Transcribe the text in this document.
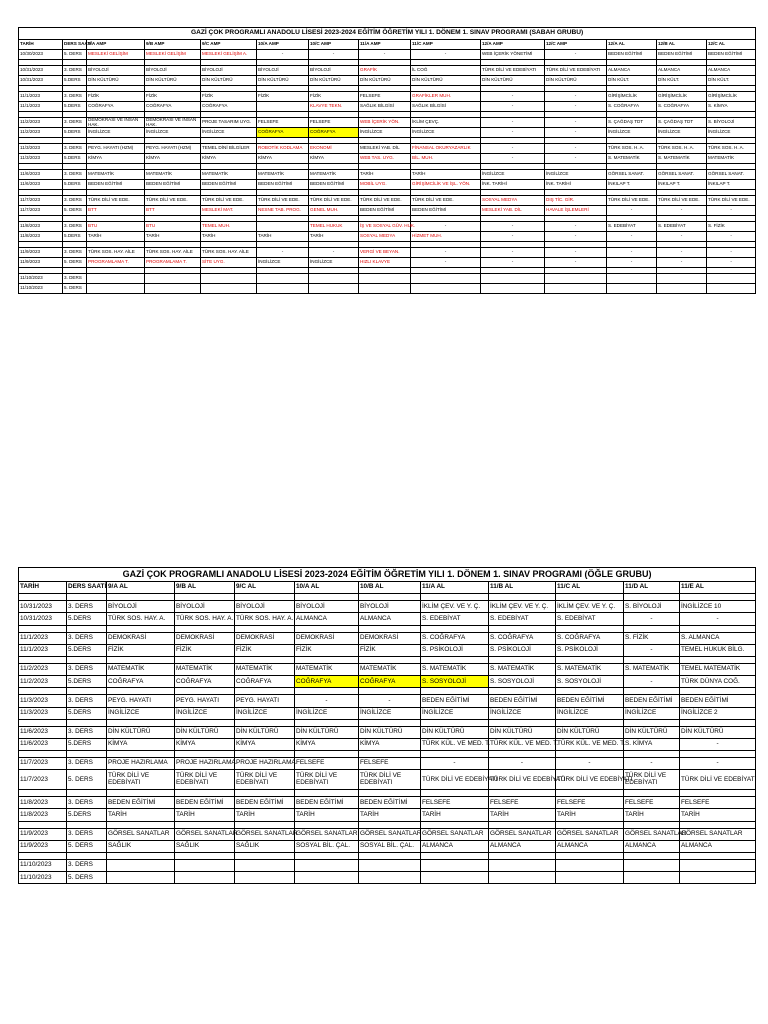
GAZİ ÇOK PROGRAMLI ANADOLU LİSESİ 2023-2024 EĞİTİM ÖĞRETİM YILI 1. DÖNEM 1. SINAV PROGRAMI (SABAH GRUBU)													
TARİH	DERS SAATİ	9/A AMP	9/B AMP	9/C AMP	10/A AMP	10/C AMP	11/A AMP	11/C AMP	12/A AMP	12/C AMP	12/A AL	12/B AL	12/C AL
10/30/2023	5. DERS	MESLEKİ GELİŞİM	MESLEKİ GELİŞİM	MESLEKİ GELİŞİM A.	-	-	-	-	WEB İÇERİK YÖNETİMİ	-	BEDEN EĞİTİMİ	BEDEN EĞİTİMİ	BEDEN EĞİTİMİ

10/31/2023	3. DERS	BİYOLOJİ	BİYOLOJİ	BİYOLOJİ	BİYOLOJİ	BİYOLOJİ	GRAFİK	İL COĞ	TÜRK DİLİ VE EDEBİYATI	TÜRK DİLİ VE EDEBİYATI	ALMANCA	ALMANCA	ALMANCA
10/31/2023	5.DERS	DİN KÜLTÜRÜ	DİN KÜLTÜRÜ	DİN KÜLTÜRÜ	DİN KÜLTÜRÜ	DİN KÜLTÜRÜ	DİN KÜLTÜRÜ	DİN KÜLTÜRÜ	DİN KÜLTÜRÜ	DİN KÜLTÜRÜ	DİN KÜLT.	DİN KÜLT.	DİN KÜLT.

11/1/2023	3. DERS	FİZİK	FİZİK	FİZİK	FİZİK	FİZİK	FELSEFE	GRAFİKLER MUH.	-	-	GİRİŞİMCİLİK	GİRİŞİMCİLİK	GİRİŞİMCİLİK
11/1/2023	5.DERS	COĞRAFYA	COĞRAFYA	COĞRAFYA		KLAVYE TEKN.	SAĞLIK BİLGİSİ	SAĞLIK BİLGİSİ	-	-	S. COĞRAFYA	S. COĞRAFYA	S. KİMYA

11/2/2023	3. DERS	DEMOKRASİ VE İNSAN HAK.	DEMOKRASİ VE İNSAN HAK.	PROJE TASARIM UYG.	FELSEFE	FELSEFE	WEB İÇERİK YÖN.	İKLİM ÇEVÇ.	-	-	S. ÇAĞDAŞ TDT	S. ÇAĞDAŞ TDT	S. BİYOLOJİ
11/2/2023	5.DERS	İNGİLİZCE	İNGİLİZCE	İNGİLİZCE	COĞRAFYA	COĞRAFYA	İNGİLİZCE	İNGİLİZCE	-	-	İNGİLİZCE	İNGİLİZCE	İNGİLİZCE

11/3/2023	3. DERS	PEYG. HAYATI (HZM)	PEYG. HAYATI (HZM)	TEMEL DİNİ BİLGİLER	ROBOTİK KODLAMA	EKONOMİ	MESLEKİ YAB. DİL	FİNANSAL OKURYAZARLIK	-	-	TÜRK SOS. H. A.	TÜRK SOS. H. A.	TÜRK SOS. H. A.
11/3/2023	5.DERS	KİMYA	KİMYA	KİMYA	KİMYA	KİMYA	WEB TAS. UYG.	BİL. MUH.	-	-	S. MATEMATİK	S. MATEMATİK	MATEMATİK

11/6/2023	3. DERS	MATEMATİK	MATEMATİK	MATEMATİK	MATEMATİK	MATEMATİK	TARİH	TARİH	İNGİLİZCE	İNGİLİZCE	GÖRSEL SANAT.	GÖRSEL SANAT.	GÖRSEL SANAT.
11/6/2023	5.DERS	BEDEN EĞİTİMİ	BEDEN EĞİTİMİ	BEDEN EĞİTİMİ	BEDEN EĞİTİMİ	BEDEN EĞİTİMİ	MOBİL UYG.	GİRİŞİMCİLİK VE İŞL. YÖN.	İNK. TARİHİ	İNK. TARİHİ	İNKILAP T.	İNKILAP T.	İNKILAP T.

11/7/2023	3. DERS	TÜRK DİLİ VE EDE.	TÜRK DİLİ VE EDE.	TÜRK DİLİ VE EDE.	TÜRK DİLİ VE EDE.	TÜRK DİLİ VE EDE.	TÜRK DİLİ VE EDE.	TÜRK DİLİ VE EDE.	SOSYAL MEDYA	DIŞ TİC. GİR.	TÜRK DİLİ VE EDE.	TÜRK DİLİ VE EDE.	TÜRK DİLİ VE EDE.
11/7/2023	5. DERS	BTT	BTT	MESLEKİ MAT.	NESNE TAB. PROG.	GENEL MUH.	BEDEN EĞİTİMİ	BEDEN EĞİTİMİ	MESLEKİ YAB. DİL	HAVALE İŞLEMLERİ	-	-	-

11/8/2023	3. DERS	BTU	BTU	TEMEL MUH.		TEMEL HUKUK	İŞ VE SOSYAL GÜV. HUK.	-	-	-	S. EDEBİYAT	S. EDEBİYAT	S. FİZİK
11/8/2023	5.DERS	TARİH	TARİH	TARİH	TARİH	TARİH	SOSYAL MEDYA	HİZMET MUH.	-	-	-	-	-

11/9/2023	3. DERS	TÜRK SOS. HAY. AİLE	TÜRK SOS. HAY. AİLE	TÜRK SOS. HAY. AİLE	-	-	VERGİ VE BEYAN.	-	-	-	-	-	-
11/9/2023	5. DERS	PROGRAMLAMA T.	PROGRAMLAMA T.	SİTE UYG.	İNGİLİZCE	İNGİLİZCE	HIZLI KLAVYE	-	-	-	-	-	-

11/10/2023	3. DERS												
11/10/2023	5. DERS												
GAZİ ÇOK PROGRAMLI ANADOLU LİSESİ 2023-2024 EĞİTİM ÖĞRETİM YILI 1. DÖNEM 1. SINAV PROGRAMI (ÖĞLE GRUBU)											
TARİH	DERS SAATİ	9/A AL	9/B AL	9/C AL	10/A AL	10/B AL	11/A AL	11/B AL	11/C AL	11/D AL	11/E AL

10/31/2023	3. DERS	BİYOLOJİ	BİYOLOJİ	BİYOLOJİ	BİYOLOJİ	BİYOLOJİ	İKLİM ÇEV. VE Y. Ç.	İKLİM ÇEV. VE Y. Ç.	İKLİM ÇEV. VE Y. Ç.	S. BİYOLOJİ	İNGİLİZCE 10
10/31/2023	5.DERS	TÜRK SOS. HAY. A.	TÜRK SOS. HAY. A.	TÜRK SOS. HAY. A.	ALMANCA	ALMANCA	S. EDEBİYAT	S. EDEBİYAT	S. EDEBİYAT	-	-

11/1/2023	3. DERS	DEMOKRASİ	DEMOKRASİ	DEMOKRASİ	DEMOKRASİ	DEMOKRASİ	S. COĞRAFYA	S. COĞRAFYA	S. COĞRAFYA	S. FİZİK	S. ALMANCA
11/1/2023	5.DERS	FİZİK	FİZİK	FİZİK	FİZİK	FİZİK	S. PSİKOLOJİ	S. PSİKOLOJİ	S. PSİKOLOJİ	-	TEMEL HUKUK BİLG.

11/2/2023	3. DERS	MATEMATİK	MATEMATİK	MATEMATİK	MATEMATİK	MATEMATİK	S. MATEMATİK	S. MATEMATİK	S. MATEMATİK	S. MATEMATİK	TEMEL MATEMATİK
11/2/2023	5.DERS	COĞRAFYA	COĞRAFYA	COĞRAFYA	COĞRAFYA	COĞRAFYA	S. SOSYOLOJİ	S. SOSYOLOJİ	S. SOSYOLOJİ	-	TÜRK DÜNYA COĞ.

11/3/2023	3. DERS	PEYG. HAYATI	PEYG. HAYATI	PEYG. HAYATI	-	-	BEDEN EĞİTİMİ	BEDEN EĞİTİMİ	BEDEN EĞİTİMİ	BEDEN EĞİTİMİ	BEDEN EĞİTİMİ
11/3/2023	5.DERS	İNGİLİZCE	İNGİLİZCE	İNGİLİZCE	İNGİLİZCE	İNGİLİZCE	İNGİLİZCE	İNGİLİZCE	İNGİLİZCE	İNGİLİZCE	İNGİLİZCE 2

11/6/2023	3. DERS	DİN KÜLTÜRÜ	DİN KÜLTÜRÜ	DİN KÜLTÜRÜ	DİN KÜLTÜRÜ	DİN KÜLTÜRÜ	DİN KÜLTÜRÜ	DİN KÜLTÜRÜ	DİN KÜLTÜRÜ	DİN KÜLTÜRÜ	DİN KÜLTÜRÜ
11/6/2023	5.DERS	KİMYA	KİMYA	KİMYA	KİMYA	KİMYA	TÜRK KÜL. VE MED. T.	TÜRK KÜL. VE MED. T.	TÜRK KÜL. VE MED. T.	S. KİMYA	-

11/7/2023	3. DERS	PROJE HAZIRLAMA	PROJE HAZIRLAMA	PROJE HAZIRLAMA	FELSEFE	FELSEFE	-	-	-	-	-
11/7/2023	5. DERS	TÜRK DİLİ VE EDEBİYATI	TÜRK DİLİ VE EDEBİYATI	TÜRK DİLİ VE EDEBİYATI	TÜRK DİLİ VE EDEBİYATI	TÜRK DİLİ VE EDEBİYATI	TÜRK DİLİ VE EDEBİYATI	TÜRK DİLİ VE EDEBİYATI	TÜRK DİLİ VE EDEBİYATI	TÜRK DİLİ VE EDEBİYATI	TÜRK DİLİ VE EDEBİYATI

11/8/2023	3. DERS	BEDEN EĞİTİMİ	BEDEN EĞİTİMİ	BEDEN EĞİTİMİ	BEDEN EĞİTİMİ	BEDEN EĞİTİMİ	FELSEFE	FELSEFE	FELSEFE	FELSEFE	FELSEFE
11/8/2023	5.DERS	TARİH	TARİH	TARİH	TARİH	TARİH	TARİH	TARİH	TARİH	TARİH	TARİH

11/9/2023	3. DERS	GÖRSEL SANATLAR	GÖRSEL SANATLAR	GÖRSEL SANATLAR	GÖRSEL SANATLAR	GÖRSEL SANATLAR	GÖRSEL SANATLAR	GÖRSEL SANATLAR	GÖRSEL SANATLAR	GÖRSEL SANATLAR	GÖRSEL SANATLAR
11/9/2023	5. DERS	SAĞLIK	SAĞLIK	SAĞLIK	SOSYAL BİL. ÇAL.	SOSYAL BİL. ÇAL.	ALMANCA	ALMANCA	ALMANCA	ALMANCA	ALMANCA

11/10/2023	3. DERS										
11/10/2023	5. DERS										
